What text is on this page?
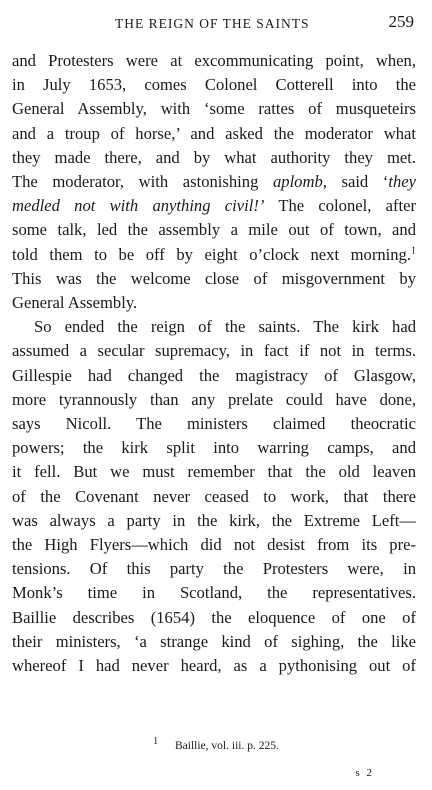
THE REIGN OF THE SAINTS	259
and Protesters were at excommunicating point, when,
in July 1653, comes Colonel Cotterell into the
General Assembly, with ‘some rattes of musqueteirs
and a troup of horse,’ and asked the moderator what
they made there, and by what authority they met.
The moderator, with astonishing aplomb, said ‘they
medled not with anything civil!’ The colonel, after
some talk, led the assembly a mile out of town, and
told them to be off by eight o’clock next morning.$^1$
This was the welcome close of misgovernment by
General Assembly.
So ended the reign of the saints. The kirk had
assumed a secular supremacy, in fact if not in terms.
Gillespie had changed the magistracy of Glasgow,
more tyrannously than any prelate could have done,
says Nicoll. The ministers claimed theocratic
powers; the kirk split into warring camps, and
it fell. But we must remember that the old leaven
of the Covenant never ceased to work, that there
was always a party in the kirk, the Extreme Left—
the High Flyers—which did not desist from its pre-
tensions. Of this party the Protesters were, in
Monk’s time in Scotland, the representatives.
Baillie describes (1654) the eloquence of one of
their ministers, ‘a strange kind of sighing, the like
whereof I had never heard, as a pythonising out of
$^1$ Baillie, vol. iii. p. 225.
s 2
